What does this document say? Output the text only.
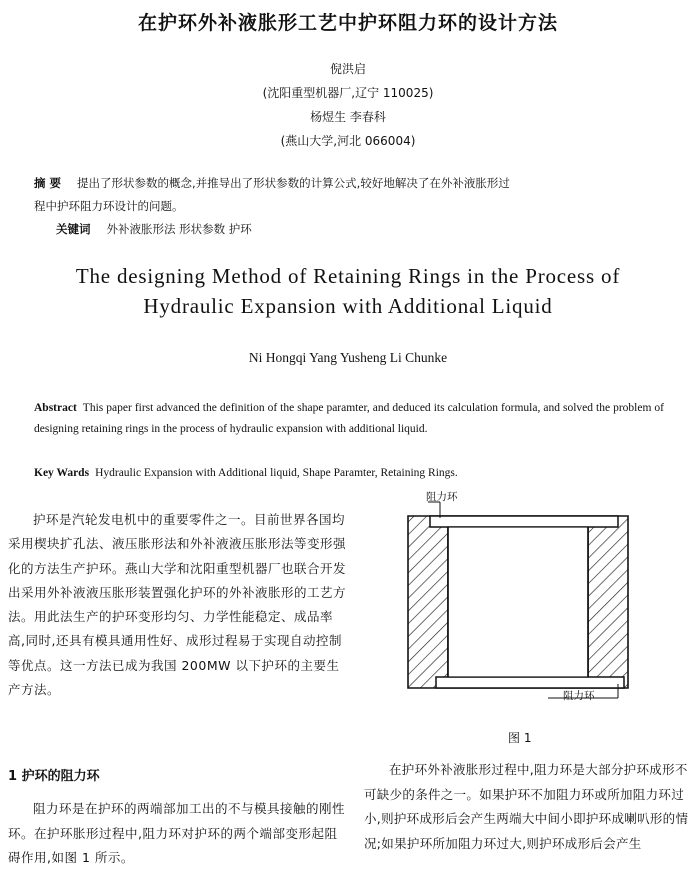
在护环外补液胀形工艺中护环阻力环的设计方法
倪洪启
(沈阳重型机器厂,辽宁 110025)
杨煜生 李春科
(燕山大学,河北 066004)
摘 要 提出了形状参数的概念,并推导出了形状参数的计算公式,较好地解决了在外补液胀形过
程中护环阻力环设计的问题。
关键词 外补液胀形法 形状参数 护环
The designing Method of Retaining Rings in the Process of
Hydraulic Expansion with Additional Liquid
Ni Hongqi Yang Yusheng Li Chunke
Abstract This paper first advanced the definition of the shape paramter, and deduced its calculation formula, and solved the problem of designing retaining rings in the process of hydraulic expansion with additional liquid.
Key Wards Hydraulic Expansion with Additional liquid, Shape Paramter, Retaining Rings.

护环是汽轮发电机中的重要零件之一。目前世界各国均采用楔块扩孔法、液压胀形法和外补液液压胀形法等变形强化的方法生产护环。燕山大学和沈阳重型机器厂也联合开发出采用外补液液压胀形装置强化护环的外补液胀形的工艺方法。用此法生产的护环变形均匀、力学性能稳定、成品率高,同时,还具有模具通用性好、成形过程易于实现自动控制等优点。这一方法已成为我国 200MW 以下护环的主要生产方法。

1 护环的阻力环

阻力环是在护环的两端部加工出的不与模具接触的刚性环。在护环胀形过程中,阻力环对护环的两个端部变形起阻碍作用,如图 1 所示。

阻力环
阻力环
图 1

在护环外补液胀形过程中,阻力环是大部分护环成形不可缺少的条件之一。如果护环不加阻力环或所加阻力环过小,则护环成形后会产生两端大中间小即护环成喇叭形的情况;如果护环所加阻力环过大,则护环成形后会产生
